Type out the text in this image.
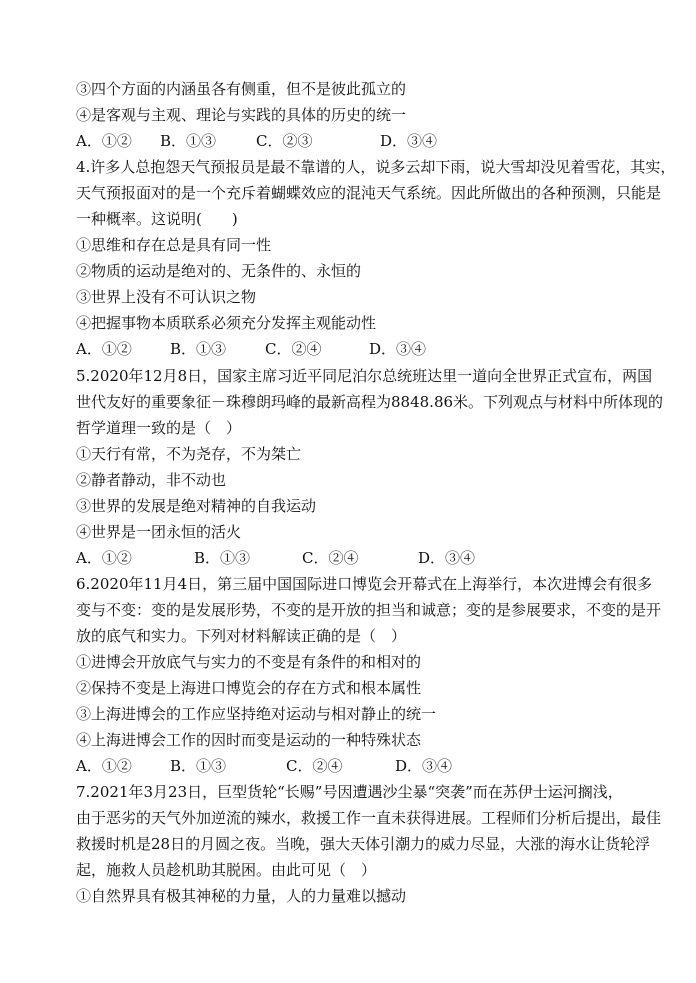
③四个方面的内涵虽各有侧重，但不是彼此孤立的
④是客观与主观、理论与实践的具体的历史的统一
A．①② B．①③	C．②③	D．③④
4.许多人总抱怨天气预报员是最不靠谱的人，说多云却下雨，说大雪却没见着雪花，其实，
天气预报面对的是一个充斥着蝴蝶效应的混沌天气系统。因此所做出的各种预测，只能是
一种概率。这说明(　　)
①思维和存在总是具有同一性
②物质的运动是绝对的、无条件的、永恒的
③世界上没有不可认识之物
④把握事物本质联系必须充分发挥主观能动性
A．①②	B．①③	C．②④	D．③④
5.2020年12月8日，国家主席习近平同尼泊尔总统班达里一道向全世界正式宣布，两国
世代友好的重要象征－珠穆朗玛峰的最新高程为8848.86米。下列观点与材料中所体现的
哲学道理一致的是（　）
①天行有常，不为尧存，不为桀亡
②静者静动，非不动也
③世界的发展是绝对精神的自我运动
④世界是一团永恒的活火
A．①②	B．①③	C．②④	D．③④
6.2020年11月4日，第三届中国国际进口博览会开幕式在上海举行，本次进博会有很多
变与不变：变的是发展形势，不变的是开放的担当和诚意；变的是参展要求，不变的是开
放的底气和实力。下列对材料解读正确的是（　）
①进博会开放底气与实力的不变是有条件的和相对的
②保持不变是上海进口博览会的存在方式和根本属性
③上海进博会的工作应坚持绝对运动与相对静止的统一
④上海进博会工作的因时而变是运动的一种特殊状态
A．①②	B．①③	C．②④	D．③④
7.2021年3月23日，巨型货轮“长赐”号因遭遇沙尘暴“突袭”而在苏伊士运河搁浅，
由于恶劣的天气外加逆流的辣水，救援工作一直未获得进展。工程师们分析后提出，最佳
救援时机是28日的月圆之夜。当晚，强大天体引潮力的威力尽显，大涨的海水让货轮浮
起，施救人员趁机助其脱困。由此可见（　）
①自然界具有极其神秘的力量，人的力量难以撼动
